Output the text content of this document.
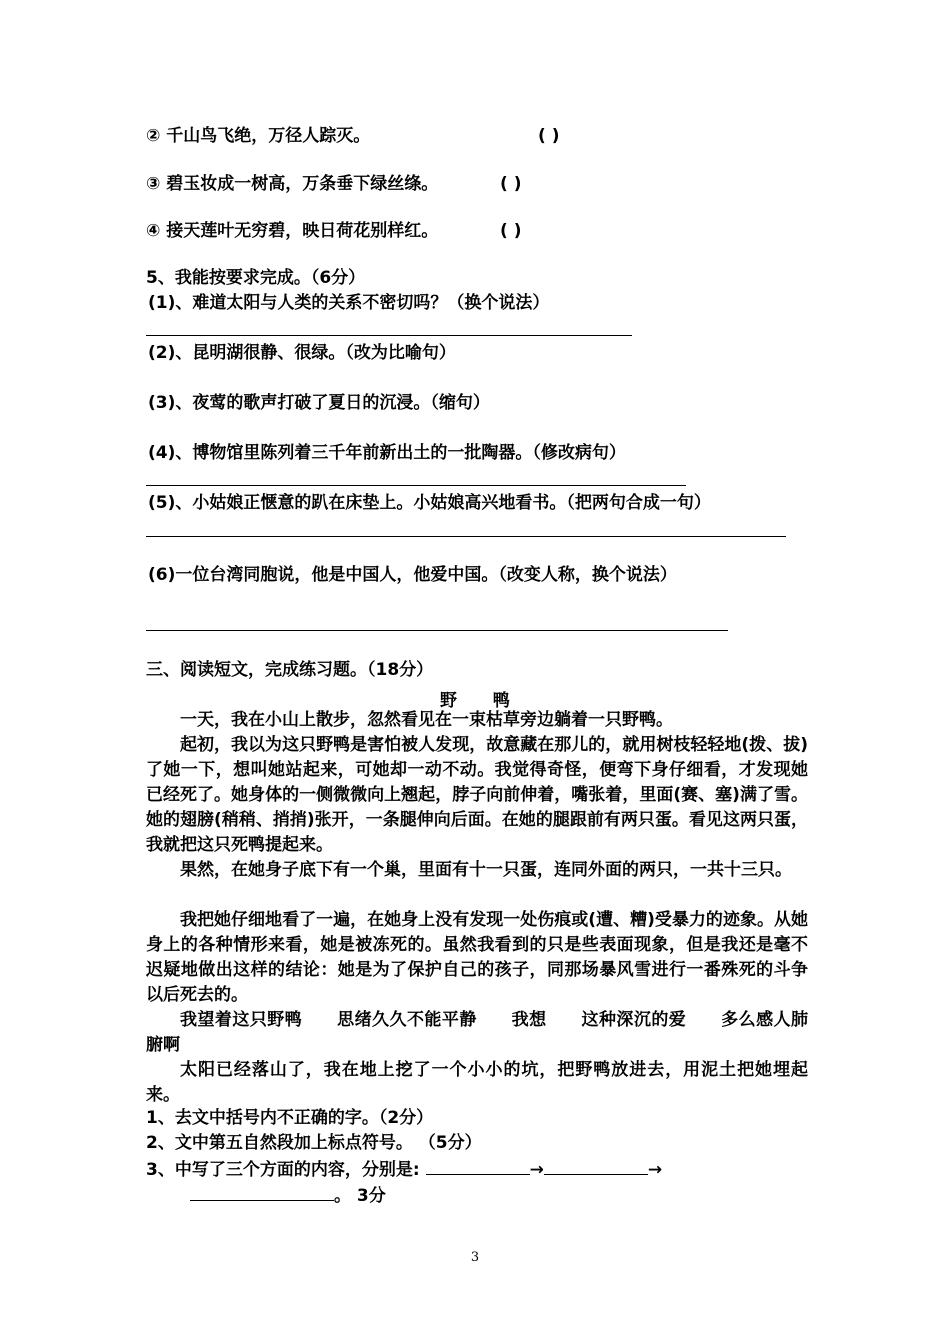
② 千山鸟飞绝，万径人踪灭。	( )
③ 碧玉妆成一树高，万条垂下绿丝绦。	( )
④ 接天莲叶无穷碧，映日荷花别样红。	( )
5、我能按要求完成。（6分）
(1)、难道太阳与人类的关系不密切吗？（换个说法）
(2)、昆明湖很静、很绿。（改为比喻句）
(3)、夜莺的歌声打破了夏日的沉浸。（缩句）
(4)、博物馆里陈列着三千年前新出土的一批陶器。（修改病句）
(5)、小姑娘正惬意的趴在床垫上。小姑娘高兴地看书。（把两句合成一句）
(6)一位台湾同胞说，他是中国人，他爱中国。（改变人称，换个说法）
三、阅读短文，完成练习题。（18分）
野 鸭
一天，我在小山上散步，忽然看见在一束枯草旁边躺着一只野鸭。
起初，我以为这只野鸭是害怕被人发现，故意藏在那儿的，就用树枝轻轻地(拨、拔)了她一下，想叫她站起来，可她却一动不动。我觉得奇怪，便弯下身仔细看，才发现她已经死了。她身体的一侧微微向上翘起，脖子向前伸着，嘴张着，里面(赛、塞)满了雪。她的翅膀(稍稍、捎捎)张开，一条腿伸向后面。在她的腿跟前有两只蛋。看见这两只蛋，我就把这只死鸭提起来。
果然，在她身子底下有一个巢，里面有十一只蛋，连同外面的两只，一共十三只。
我把她仔细地看了一遍，在她身上没有发现一处伤痕或(遭、糟)受暴力的迹象。从她身上的各种情形来看，她是被冻死的。虽然我看到的只是些表面现象，但是我还是毫不迟疑地做出这样的结论：她是为了保护自己的孩子，同那场暴风雪进行一番殊死的斗争以后死去的。
我望着这只野鸭　　思绪久久不能平静　　我想　　这种深沉的爱　　多么感人肺腑啊
太阳已经落山了，我在地上挖了一个小小的坑，把野鸭放进去，用泥土把她埋起来。
1、去文中括号内不正确的字。（2分）
2、文中第五自然段加上标点符号。 （5分）
3、中写了三个方面的内容，分别是:	→	→
。 3分
3
